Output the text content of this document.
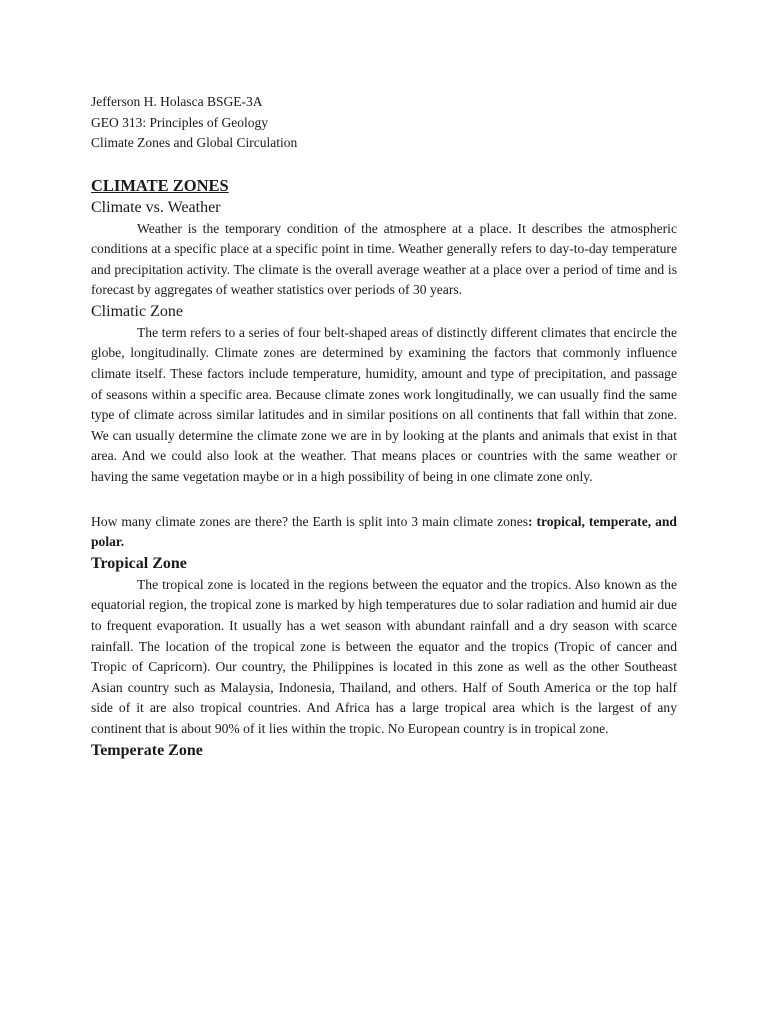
Jefferson H. Holasca BSGE-3A

GEO 313: Principles of Geology

Climate Zones and Global Circulation

CLIMATE ZONES
Climate vs. Weather

Weather is the temporary condition of the atmosphere at a place. It describes the atmospheric conditions at a specific place at a specific point in time. Weather generally refers to day-to-day temperature and precipitation activity. The climate is the overall average weather at a place over a period of time and is forecast by aggregates of weather statistics over periods of 30 years.

Climatic Zone

The term refers to a series of four belt-shaped areas of distinctly different climates that encircle the globe, longitudinally. Climate zones are determined by examining the factors that commonly influence climate itself. These factors include temperature, humidity, amount and type of precipitation, and passage of seasons within a specific area. Because climate zones work longitudinally, we can usually find the same type of climate across similar latitudes and in similar positions on all continents that fall within that zone. We can usually determine the climate zone we are in by looking at the plants and animals that exist in that area. And we could also look at the weather. That means places or countries with the same weather or having the same vegetation maybe or in a high possibility of being in one climate zone only.

How many climate zones are there? the Earth is split into 3 main climate zones: tropical, temperate, and polar.

Tropical Zone

The tropical zone is located in the regions between the equator and the tropics. Also known as the equatorial region, the tropical zone is marked by high temperatures due to solar radiation and humid air due to frequent evaporation. It usually has a wet season with abundant rainfall and a dry season with scarce rainfall. The location of the tropical zone is between the equator and the tropics (Tropic of cancer and Tropic of Capricorn). Our country, the Philippines is located in this zone as well as the other Southeast Asian country such as Malaysia, Indonesia, Thailand, and others. Half of South America or the top half side of it are also tropical countries. And Africa has a large tropical area which is the largest of any continent that is about 90% of it lies within the tropic. No European country is in tropical zone.

Temperate Zone
